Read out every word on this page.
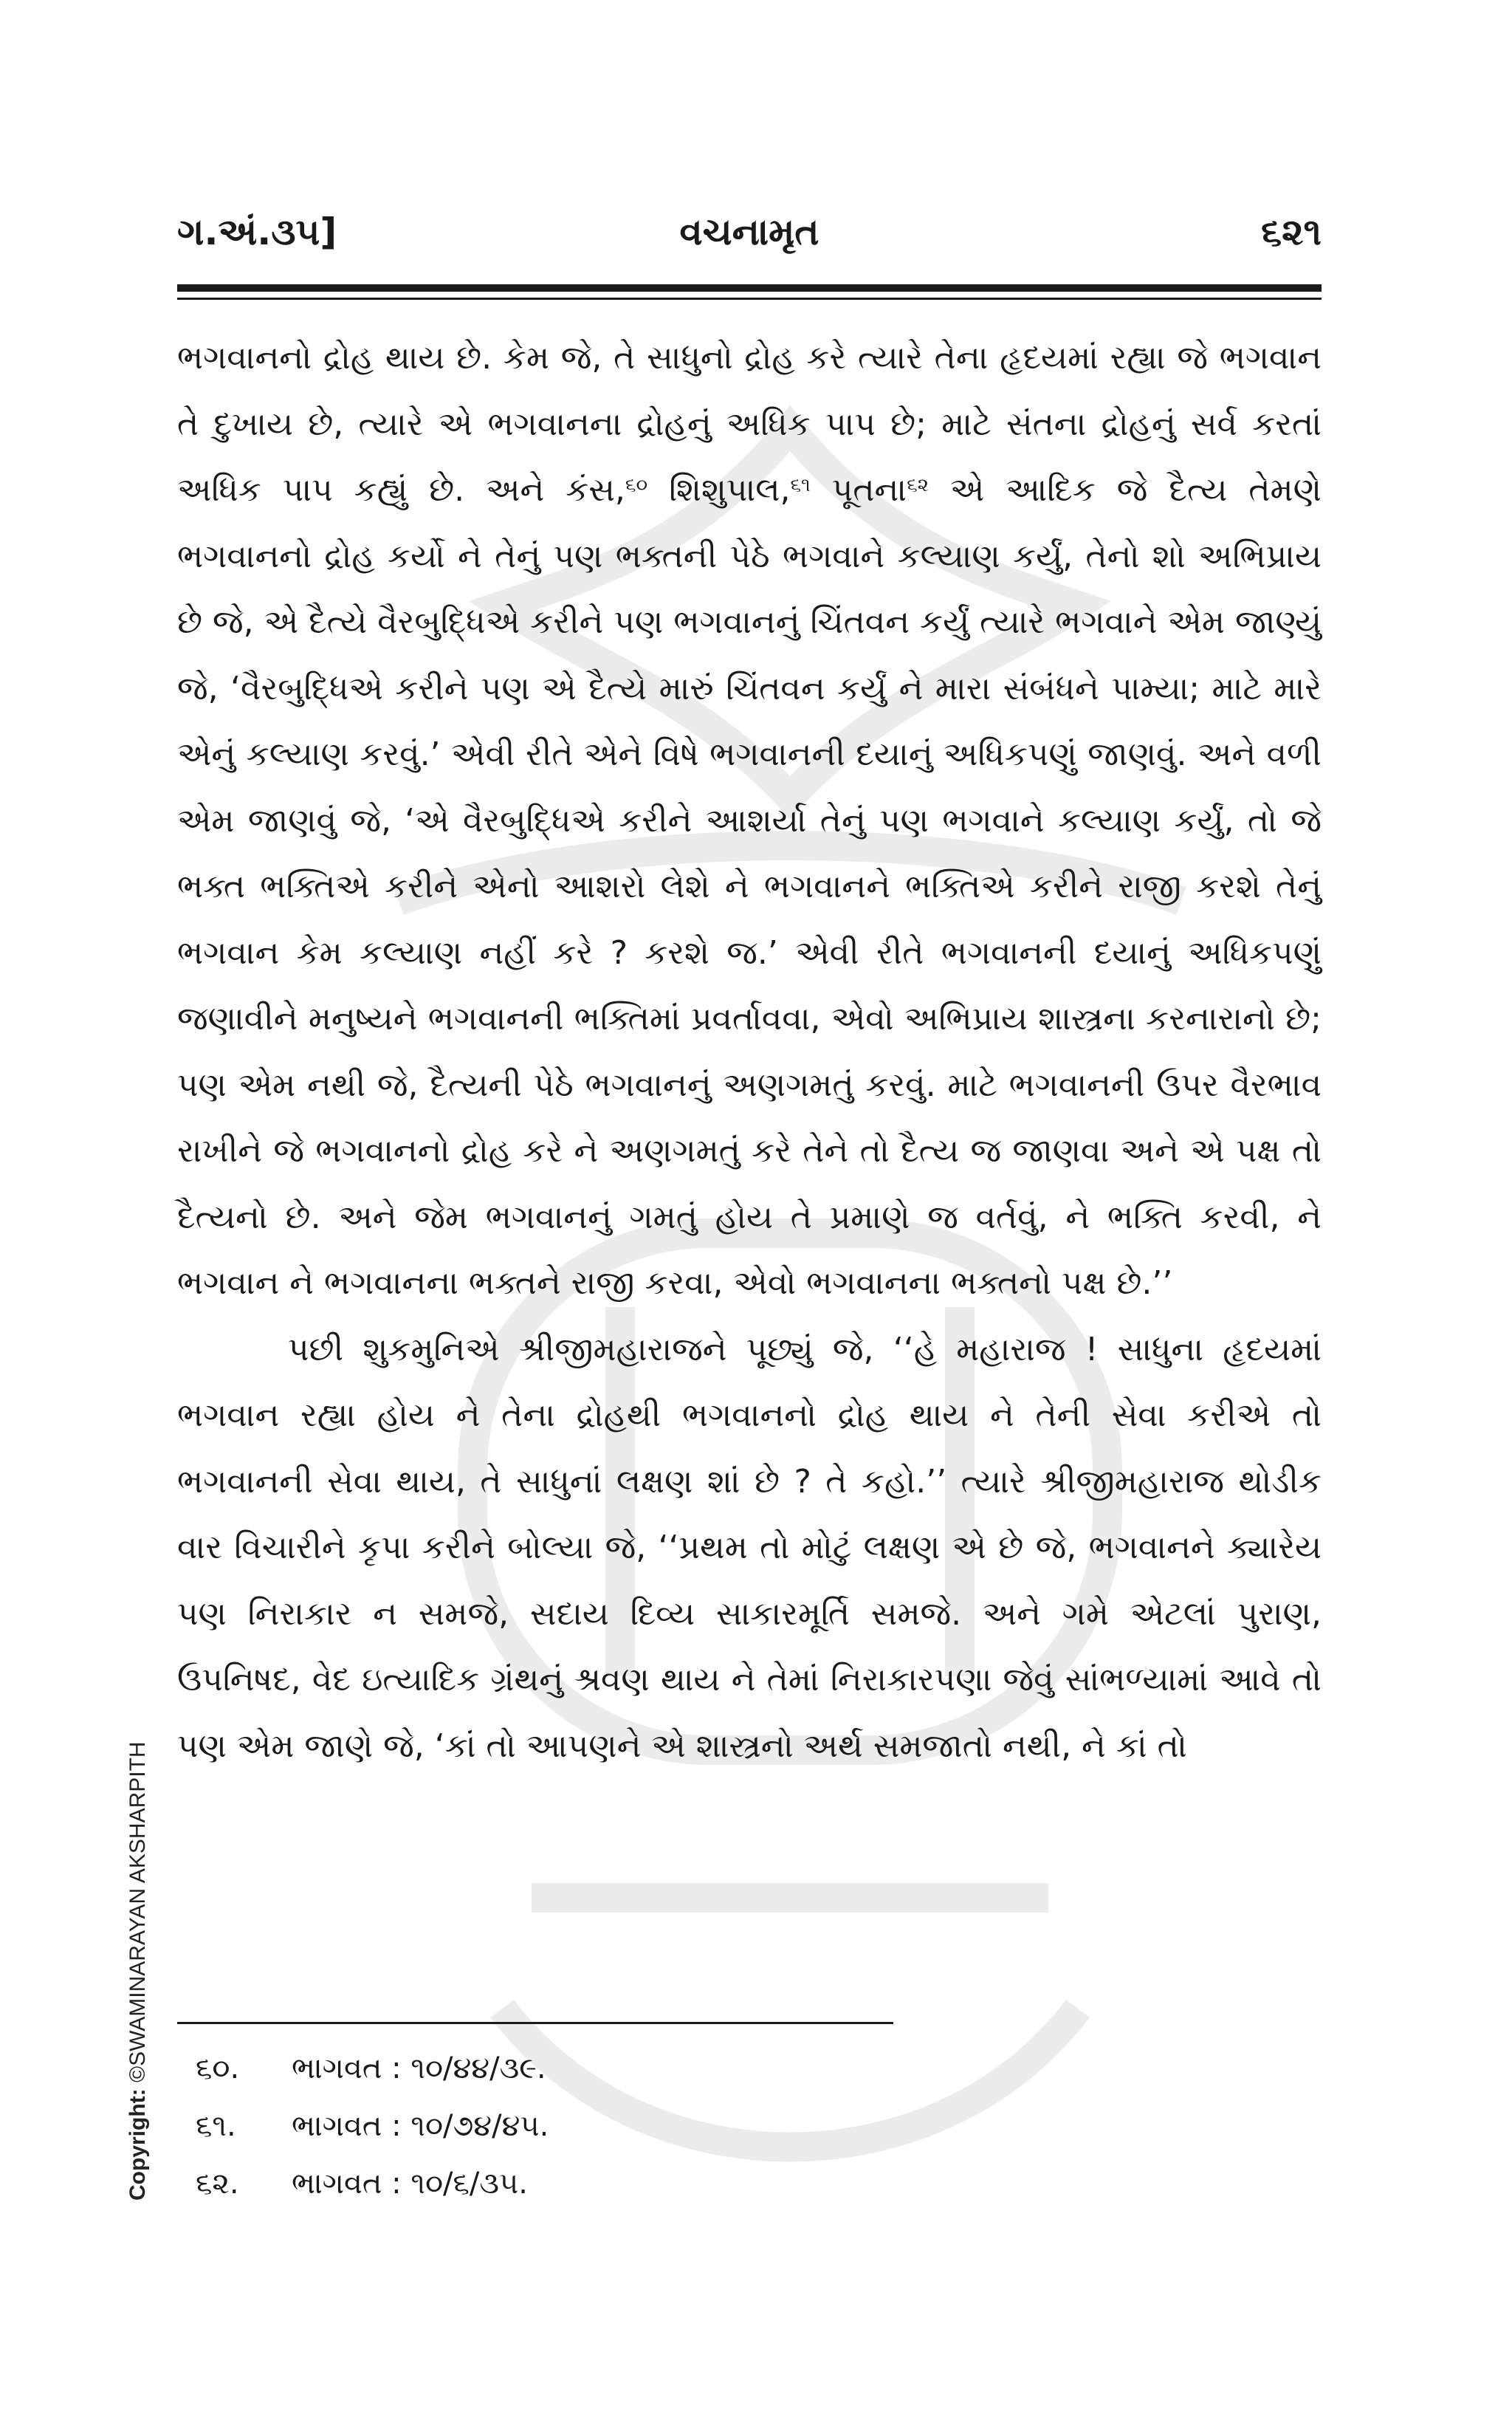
ગ.અં.૩૫]	વચનામૃત	૬૨૧

ભગવાનનો દ્રોહ થાય છે. કેમ જે, તે સાધુનો દ્રોહ કરે ત્યારે તેના હૃદયમાં રહ્યા જે ભગવાન તે દુખાય છે, ત્યારે એ ભગવાનના દ્રોહનું અધિક પાપ છે; માટે સંતના દ્રોહનું સર્વ કરતાં અધિક પાપ કહ્યું છે. અને કંસ,$^{૬૦}$ શિશુપાલ,$^{૬૧}$ પૂતના$^{૬૨}$ એ આદિક જે દૈત્ય તેમણે ભગવાનનો દ્રોહ કર્યો ને તેનું પણ ભક્તની પેઠે ભગવાને કલ્યાણ કર્યું, તેનો શો અભિપ્રાય છે જે, એ દૈત્યે વૈરબુદ્ધિએ કરીને પણ ભગવાનનું ચિંતવન કર્યું ત્યારે ભગવાને એમ જાણ્યું જે, ‘વૈરબુદ્ધિએ કરીને પણ એ દૈત્યે મારું ચિંતવન કર્યું ને મારા સંબંધને પામ્યા; માટે મારે એનું કલ્યાણ કરવું.’ એવી રીતે એને વિષે ભગવાનની દયાનું અધિકપણું જાણવું. અને વળી એમ જાણવું જે, ‘એ વૈરબુદ્ધિએ કરીને આશર્યા તેનું પણ ભગવાને કલ્યાણ કર્યું, તો જે ભક્ત ભક્તિએ કરીને એનો આશરો લેશે ને ભગવાનને ભક્તિએ કરીને રાજી કરશે તેનું ભગવાન કેમ કલ્યાણ નહીં કરે ? કરશે જ.’ એવી રીતે ભગવાનની દયાનું અધિકપણું જણાવીને મનુષ્યને ભગવાનની ભક્તિમાં પ્રવર્તાવવા, એવો અભિપ્રાય શાસ્ત્રના કરનારાનો છે; પણ એમ નથી જે, દૈત્યની પેઠે ભગવાનનું અણગમતું કરવું. માટે ભગવાનની ઉપર વૈરભાવ રાખીને જે ભગવાનનો દ્રોહ કરે ને અણગમતું કરે તેને તો દૈત્ય જ જાણવા અને એ પક્ષ તો દૈત્યનો છે. અને જેમ ભગવાનનું ગમતું હોય તે પ્રમાણે જ વર્તવું, ને ભક્તિ કરવી, ને ભગવાન ને ભગવાનના ભક્તને રાજી કરવા, એવો ભગવાનના ભક્તનો પક્ષ છે.’’

પછી શુકમુનિએ શ્રીજીમહારાજને પૂછ્યું જે, ‘‘હે મહારાજ ! સાધુના હૃદયમાં ભગવાન રહ્યા હોય ને તેના દ્રોહથી ભગવાનનો દ્રોહ થાય ને તેની સેવા કરીએ તો ભગવાનની સેવા થાય, તે સાધુનાં લક્ષણ શાં છે ? તે કહો.’’ ત્યારે શ્રીજીમહારાજ થોડીક વાર વિચારીને કૃપા કરીને બોલ્યા જે, ‘‘પ્રથમ તો મોટું લક્ષણ એ છે જે, ભગવાનને ક્યારેય પણ નિરાકાર ન સમજે, સદાય દિવ્ય સાકારમૂર્તિ સમજે. અને ગમે એટલાં પુરાણ, ઉપનિષદ, વેદ ઇત્યાદિક ગ્રંથનું શ્રવણ થાય ને તેમાં નિરાકારપણા જેવું સાંભળ્યામાં આવે તો પણ એમ જાણે જે, ‘કાં તો આપણને એ શાસ્ત્રનો અર્થ સમજાતો નથી, ને કાં તો

૬૦.	ભાગવત : ૧૦/૪૪/૩૯.
૬૧.	ભાગવત : ૧૦/૭૪/૪૫.
૬૨.	ભાગવત : ૧૦/૬/૩૫.
Copyright: ©SWAMINARAYAN AKSHARPITH
